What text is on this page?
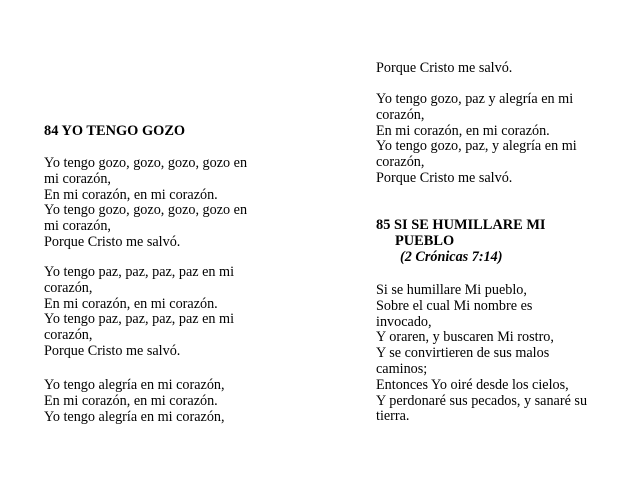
84 YO TENGO GOZO
Yo tengo gozo, gozo, gozo, gozo en
mi corazón,
En mi corazón, en mi corazón.
Yo tengo gozo, gozo, gozo, gozo en
mi corazón,
Porque Cristo me salvó.
Yo tengo paz, paz, paz, paz en mi
corazón,
En mi corazón, en mi corazón.
Yo tengo paz, paz, paz, paz en mi
corazón,
Porque Cristo me salvó.
Yo tengo alegría en mi corazón,
En mi corazón, en mi corazón.
Yo tengo alegría en mi corazón,
Porque Cristo me salvó.
Yo tengo gozo, paz y alegría en mi
corazón,
En mi corazón, en mi corazón.
Yo tengo gozo, paz, y alegría en mi
corazón,
Porque Cristo me salvó.
85 SI SE HUMILLARE MI
PUEBLO
(2 Crónicas 7:14)
Si se humillare Mi pueblo,
Sobre el cual Mi nombre es
invocado,
Y oraren, y buscaren Mi rostro,
Y se convirtieren de sus malos
caminos;
Entonces Yo oiré desde los cielos,
Y perdonaré sus pecados, y sanaré su
tierra.
